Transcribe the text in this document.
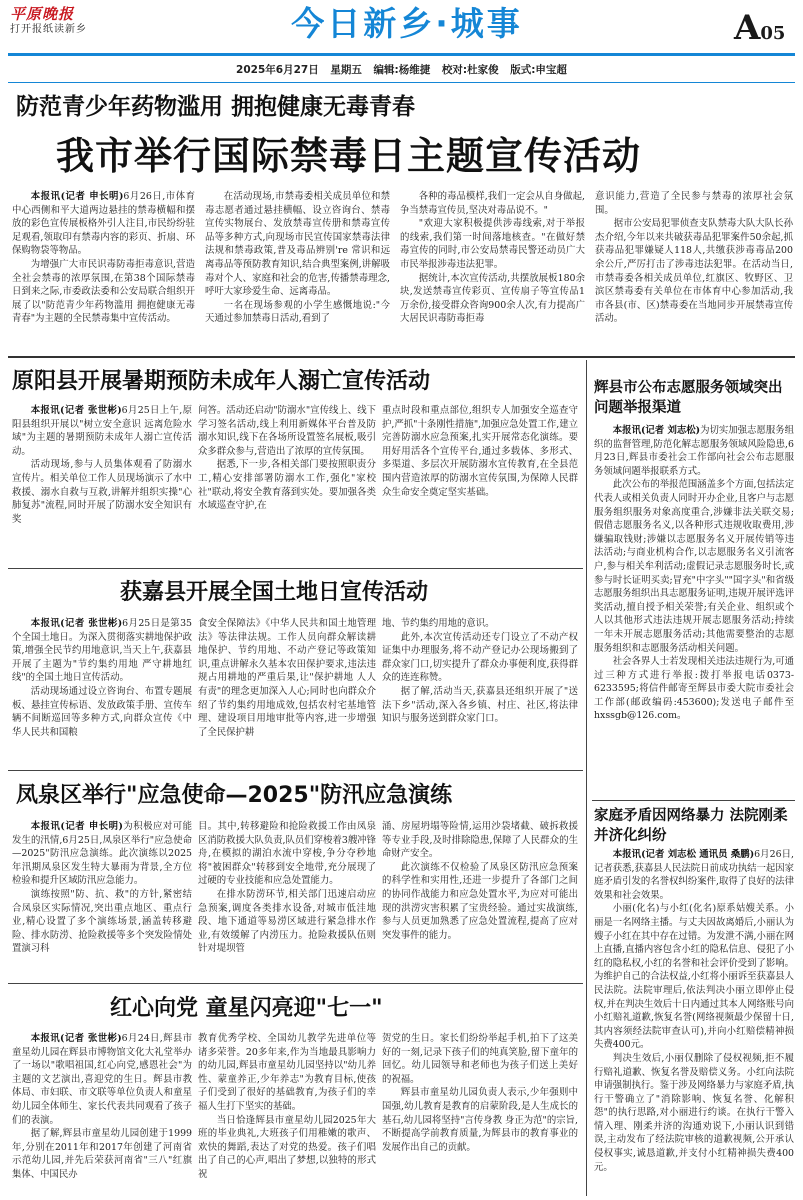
平原晚报
打开报纸读新乡	今日新乡·城事	A05
2025年6月27日 星期五 编辑:杨维捷 校对:杜家俊 版式:申宝超
防范青少年药物滥用 拥抱健康无毒青春
我市举行国际禁毒日主题宣传活动

本报讯(记者 申长明)6月26日,市体育中心西侧和平大道两边悬挂的禁毒横幅和摆放的彩色宣传展板格外引人注目,市民纷纷驻足观看,领取印有禁毒内容的彩页、折扇、环保购物袋等物品。

为增强广大市民识毒防毒拒毒意识,营造全社会禁毒的浓厚氛围,在第38个国际禁毒日到来之际,市委政法委和公安局联合组织开展了以"防范青少年药物滥用 拥抱健康无毒青春"为主题的全民禁毒集中宣传活动。

在活动现场,市禁毒委相关成员单位和禁毒志愿者通过悬挂横幅、设立咨询台、禁毒宣传实物展台、发放禁毒宣传册和禁毒宣传品等多种方式,向现场市民宣传国家禁毒法律法规和禁毒政策,普及毒品辨别're 常识和远离毒品等预防教育知识,结合典型案例,讲解吸毒对个人、家庭和社会的危害,传播禁毒理念,呼吁大家珍爱生命、远离毒品。

一名在现场参观的小学生感慨地说:"今天通过参加禁毒日活动,看到了

各种的毒品模样,我们一定会从自身做起,争当禁毒宣传员,坚决对毒品说不。"

"欢迎大家积极提供涉毒线索,对于举报的线索,我们第一时间落地核查。"在做好禁毒宣传的同时,市公安局禁毒民警还动员广大市民举报涉毒违法犯罪。

据统计,本次宣传活动,共摆放展板180余块,发送禁毒宣传彩页、宣传扇子等宣传品1万余份,接受群众咨询900余人次,有力提高广大居民识毒防毒拒毒

意识能力,营造了全民参与禁毒的浓厚社会氛围。

据市公安局犯罪侦查支队禁毒大队大队长孙杰介绍,今年以来共破获毒品犯罪案件50余起,抓获毒品犯罪嫌疑人118人,共缴获涉毒毒品200余公斤,严厉打击了涉毒违法犯罪。在活动当日,市禁毒委各相关成员单位,红旗区、牧野区、卫滨区禁毒委有关单位在市体育中心参加活动,我市各县(市、区)禁毒委在当地同步开展禁毒宣传活动。

原阳县开展暑期预防未成年人溺亡宣传活动

本报讯(记者 张世彬)6月25日上午,原阳县组织开展以"树立安全意识 远离危险水域"为主题的暑期预防未成年人溺亡宣传活动。

活动现场,参与人员集体观看了防溺水宣传片。相关单位工作人员现场演示了水中救援、溺水自救与互救,讲解并组织实操"心肺复苏"流程,同时开展了防溺水安全知识有奖

问答。活动还启动"防溺水"宣传线上、线下学习签名活动,线上利用新媒体平台普及防溺水知识,线下在各场所设置签名展板,吸引众多群众参与,营造出了浓厚的宣传氛围。

据悉,下一步,各相关部门要按照职责分工,精心安排部署防溺水工作,强化"家校社"联动,将安全教育落到实处。要加强各类水域巡查守护,在

重点时段和重点部位,组织专人加强安全巡查守护,严抓"十条刚性措施",加强应急处置工作,建立完善防溺水应急预案,扎实开展常态化演练。要用好用活各个宣传平台,通过多载体、多形式、多渠道、多层次开展防溺水宣传教育,在全县范围内营造浓厚的防溺水宣传氛围,为保障人民群众生命安全奠定坚实基础。

获嘉县开展全国土地日宣传活动

本报讯(记者 张世彬)6月25日是第35个全国土地日。为深入贯彻落实耕地保护政策,增强全民节约用地意识,当天上午,获嘉县开展了主题为"节约集约用地 严守耕地红线"的全国土地日宣传活动。

活动现场通过设立咨询台、布置专题展板、悬挂宣传标语、发放政策手册、宣传车辆不间断巡回等多种方式,向群众宣传《中华人民共和国粮

食安全保障法》《中华人民共和国土地管理法》等法律法规。工作人员向群众解读耕地保护、节约用地、不动产登记等政策知识,重点讲解永久基本农田保护要求,违法违规占用耕地的严重后果,让"保护耕地 人人有责"的理念更加深入人心;同时也向群众介绍了节约集约用地成效,包括农村宅基地管理、建设项目用地审批等内容,进一步增强了全民保护耕

地、节约集约用地的意识。

此外,本次宣传活动还专门设立了不动产权证集中办理服务,将不动产登记办公现场搬到了群众家门口,切实提升了群众办事便利度,获得群众的连连称赞。

据了解,活动当天,获嘉县还组织开展了"送法下乡"活动,深入各乡镇、村庄、社区,将法律知识与服务送到群众家门口。

凤泉区举行"应急使命—2025"防汛应急演练

本报讯(记者 申长明)为积极应对可能发生的汛情,6月25日,凤泉区举行"应急使命—2025"防汛应急演练。此次演练以2025年汛期凤泉区发生特大暴雨为背景,全方位检验和提升区域防汛应急能力。

演练按照"防、抗、救"的方针,紧密结合凤泉区实际情况,突出重点地区、重点行业,精心设置了多个演练场景,涵盖转移避险、排水防涝、抢险救援等多个突发险情处置演习科

目。其中,转移避险和抢险救援工作由凤泉区消防救援大队负责,队员们穿梭着3艘冲锋舟,在模拟的湖泊水流中穿梭,争分夺秒地将"被困群众"转移到安全地带,充分展现了过硬的专业技能和应急处置能力。

在排水防涝环节,相关部门迅速启动应急预案,调度各类排水设备,对城市低洼地段、地下通道等易涝区域进行紧急排水作业,有效缓解了内涝压力。抢险救援队伍则针对堤坝管

涌、房屋坍塌等险情,运用沙袋堵截、破拆救援等专业手段,及时排除隐患,保障了人民群众的生命财产安全。

此次演练不仅检验了凤泉区防汛应急预案的科学性和实用性,还进一步提升了各部门之间的协同作战能力和应急处置水平,为应对可能出现的洪涝灾害积累了宝贵经验。通过实战演练,参与人员更加熟悉了应急处置流程,提高了应对突发事件的能力。

红心向党 童星闪亮迎"七一"

本报讯(记者 张世彬)6月24日,辉县市童星幼儿园在辉县市博物馆文化大礼堂举办了一场以"歌唱祖国,红心向党,感恩社会"为主题的文艺演出,喜迎党的生日。辉县市教体局、市妇联、市文联等单位负责人和童星幼儿园全体师生、家长代表共同观看了孩子们的表演。

据了解,辉县市童星幼儿园创建于1999年,分别在2011年和2017年创建了河南省示范幼儿园,并先后荣获河南省"三八"红旗集体、中国民办

教育优秀学校、全国幼儿教学先进单位等诸多荣誉。20多年来,作为当地最具影响力的幼儿园,辉县市童星幼儿园坚持以"幼儿养性、蒙童养正,少年养志"为教育目标,使孩子们受到了很好的基础教育,为孩子们的幸福人生打下坚实的基础。

当日恰逢辉县市童星幼儿园2025年大班的毕业典礼,大班孩子们用稚嫩的歌声、欢快的舞蹈,表达了对党的热爱。孩子们唱出了自己的心声,唱出了梦想,以独特的形式祝

贺党的生日。家长们纷纷举起手机,拍下了这美好的一刻,记录下孩子们的纯真笑脸,留下童年的回忆。幼儿园领导和老师也为孩子们送上美好的祝福。

辉县市童星幼儿园负责人表示,少年强则中国强,幼儿教育是教育的启蒙阶段,是人生成长的基石,幼儿园将坚持"言传身教 身正为范"的宗旨,不断提高学前教育质量,为辉县市的教育事业的发展作出自己的贡献。

辉县市公布志愿服务领域突出问题举报渠道

本报讯(记者 刘志松)为切实加强志愿服务组织的监督管理,防范化解志愿服务领域风险隐患,6月23日,辉县市委社会工作部向社会公布志愿服务领域问题举报联系方式。

此次公布的举报范围涵盖多个方面,包括法定代表人或相关负责人同时开办企业,且客户与志愿服务组织服务对象高度重合,涉嫌非法关联交易;假借志愿服务名义,以各种形式违规收取费用,涉嫌骗取钱财;涉嫌以志愿服务名义开展传销等违法活动;与商业机构合作,以志愿服务名义引流客户,参与相关牟利活动;虚假记录志愿服务时长,或参与时长证明买卖;冒充"中字头""国字头"和省级志愿服务组织出具志愿服务证明,违规开展评选评奖活动,擅自授予相关荣誉;有关企业、组织或个人以其他形式违法违规开展志愿服务活动;持续一年未开展志愿服务活动;其他需要整治的志愿服务组织和志愿服务活动相关问题。

社会各界人士若发现相关违法违规行为,可通过三种方式进行举报:拨打举报电话0373-6233595;将信件邮寄至辉县市委大院市委社会工作部(邮政编码:453600);发送电子邮件至hxssgb@126.com。

家庭矛盾因网络暴力 法院刚柔并济化纠纷

本报讯(记者 刘志松 通讯员 桑鹏)6月26日,记者获悉,获嘉县人民法院日前成功执结一起因家庭矛盾引发的名誉权纠纷案件,取得了良好的法律效果和社会效果。

小丽(化名)与小红(化名)原系姑嫂关系。小丽是一名网络主播。与丈夫因故离婚后,小丽认为嫂子小红在其中存在过错。为发泄不满,小丽在网上直播,直播内容包含小红的隐私信息、侵犯了小红的隐私权,小红的名誉和社会评价受到了影响。为维护自己的合法权益,小红将小丽诉至获嘉县人民法院。法院审理后,依法判决小丽立即停止侵权,并在判决生效后十日内通过其本人网络账号向小红赔礼道歉,恢复名誉(网络视频最少保留十日,其内容须经法院审查认可),并向小红赔偿精神损失费400元。

判决生效后,小丽仅删除了侵权视频,拒不履行赔礼道歉、恢复名誉及赔偿义务。小红向法院申请强制执行。鉴于涉及网络暴力与家庭矛盾,执行干警确立了"消除影响、恢复名誉、化解积怨"的执行思路,对小丽进行约谈。在执行干警入情入理、刚柔并济的沟通劝说下,小丽认识到错误,主动发布了经法院审核的道歉视频,公开承认侵权事实,诚恳道歉,并支付小红精神损失费400元。
